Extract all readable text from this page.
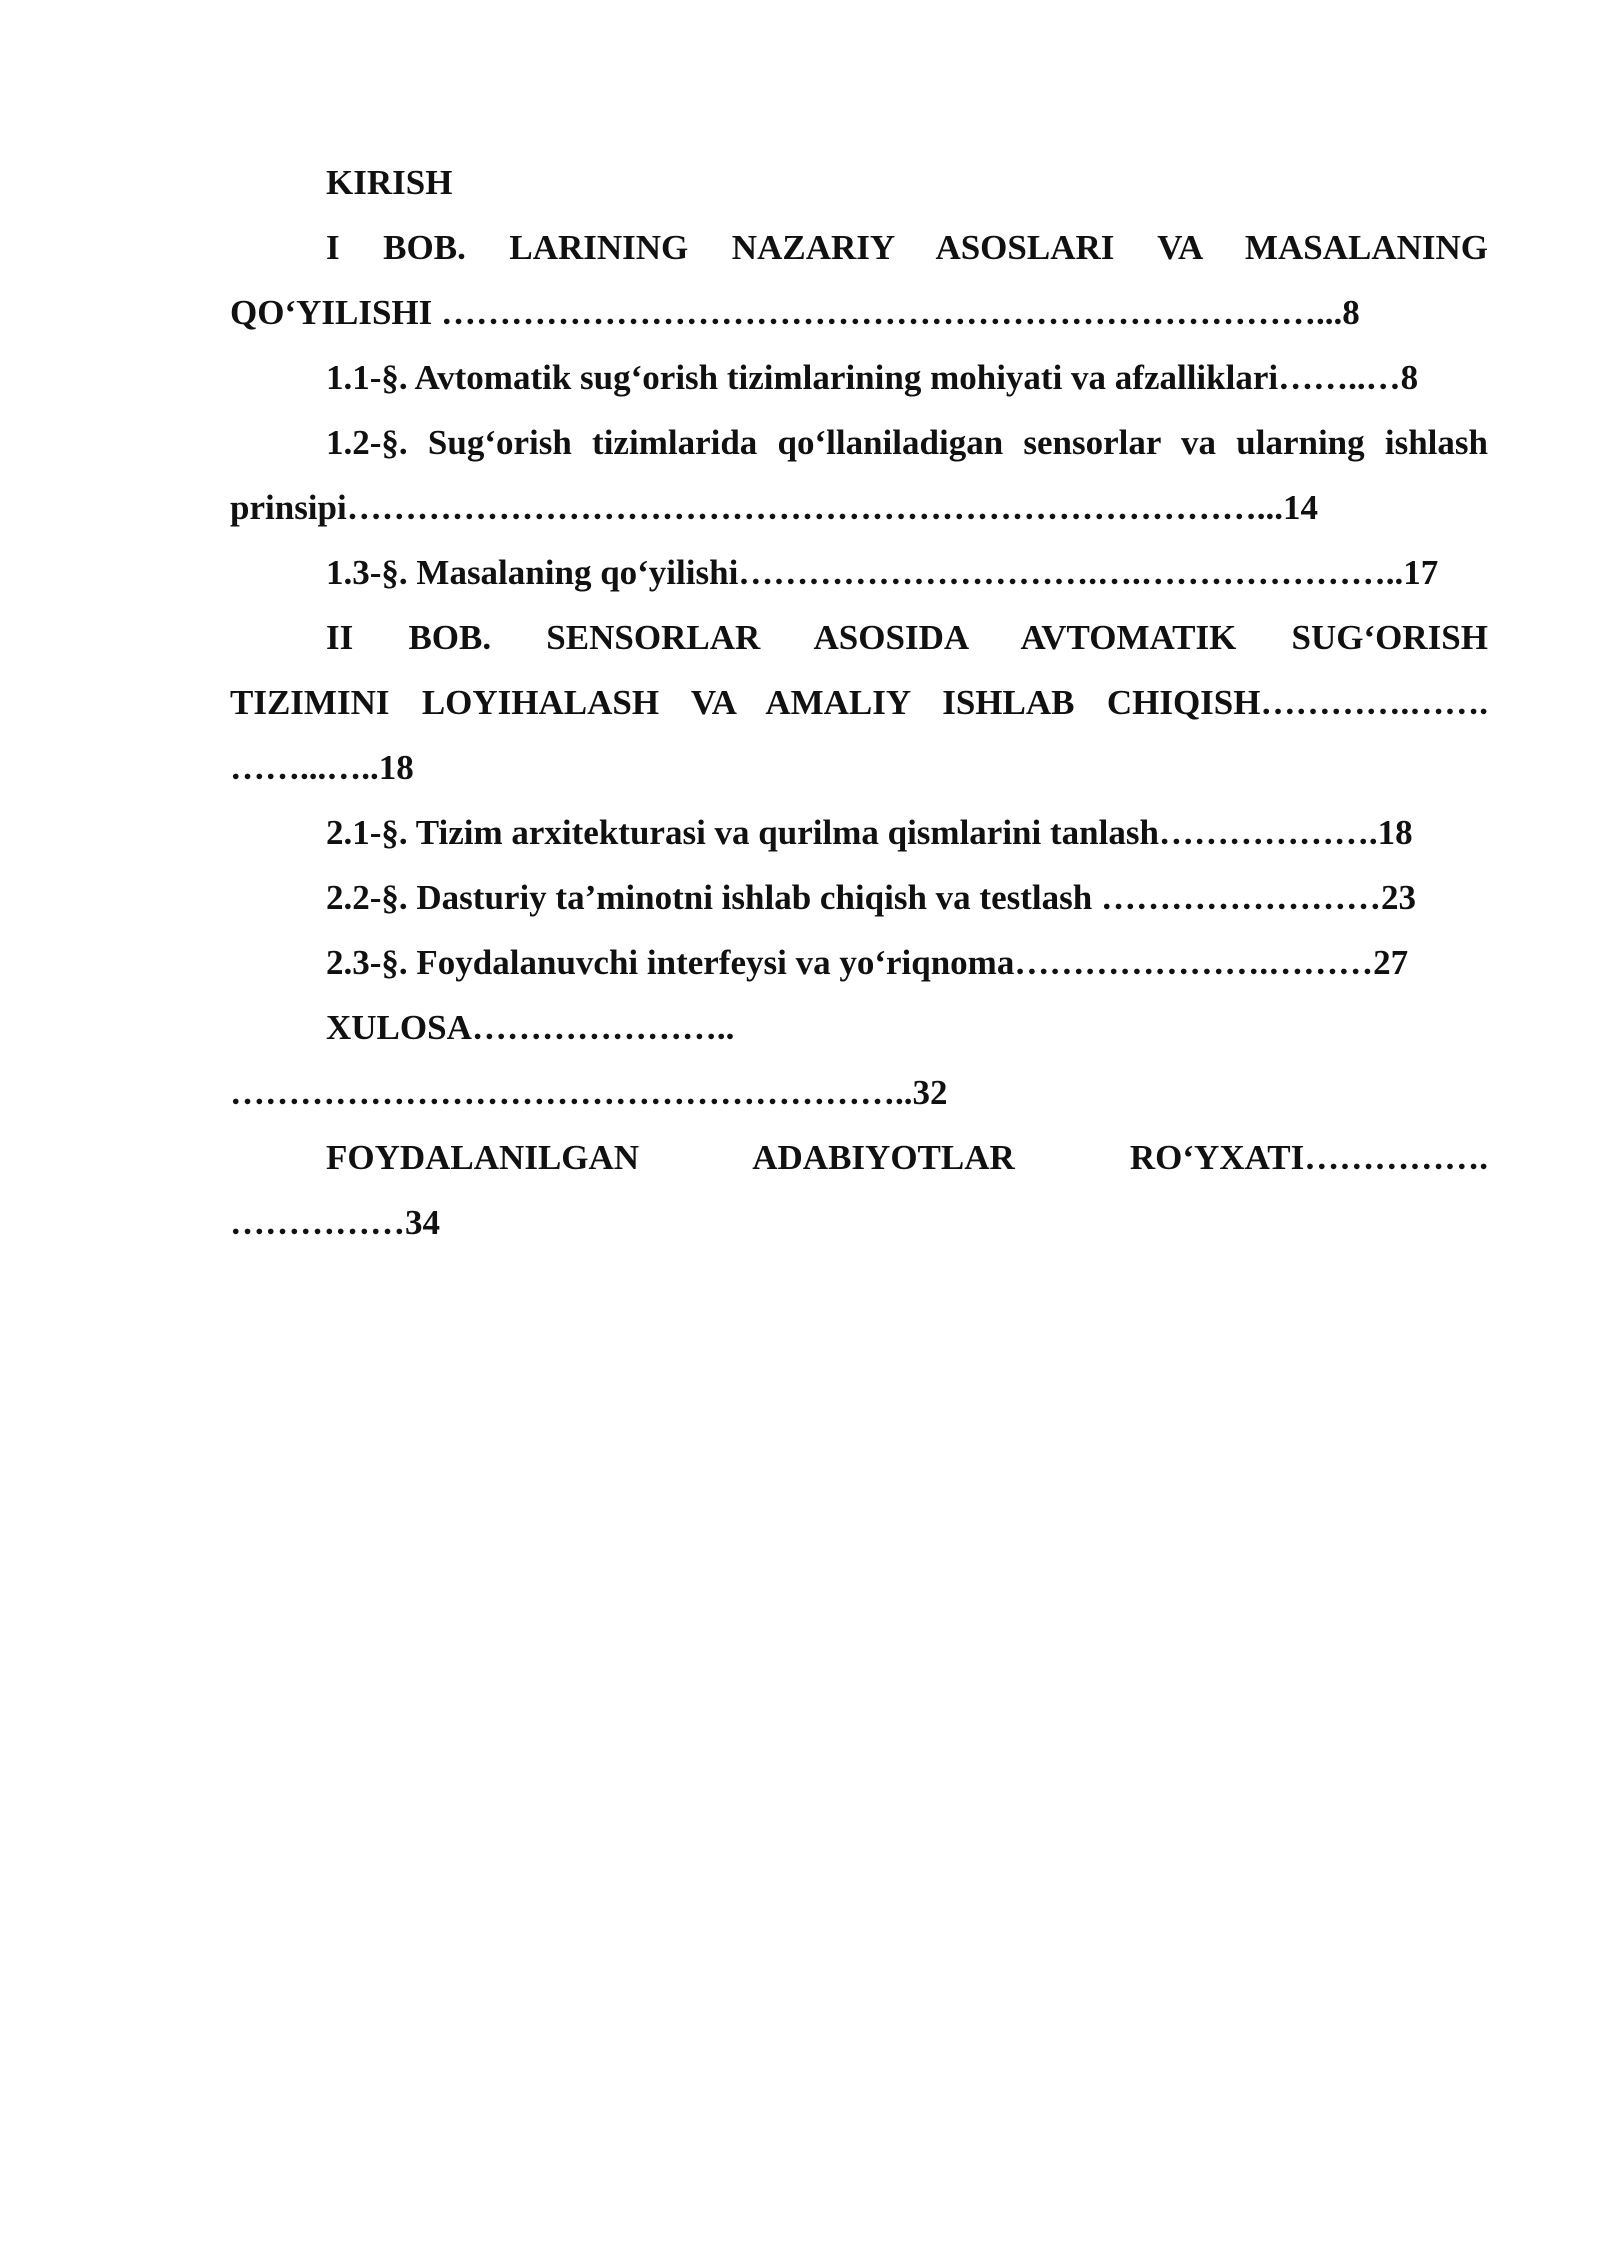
KIRISH
I BOB. LARINING NAZARIY ASOSLARI VA MASALANING
QO‘YILISHI …………………………………………………………………...8
1.1-§. Avtomatik sug‘orish tizimlarining mohiyati va afzalliklari……..…8
1.2-§. Sug‘orish tizimlarida qo‘llaniladigan sensorlar va ularning ishlash
prinsipi……………………………………………………………………...14
1.3-§. Masalaning qo‘yilishi………………………….….…………………..17
II BOB. SENSORLAR ASOSIDA AVTOMATIK SUG‘ORISH
TIZIMINI LOYIHALASH VA AMALIY ISHLAB CHIQISH………….…….
……...…..18
2.1-§. Tizim arxitekturasi va qurilma qismlarini tanlash……………….18
2.2-§. Dasturiy ta’minotni ishlab chiqish va testlash ……………………23
2.3-§. Foydalanuvchi interfeysi va yo‘riqnoma………………….………27
XULOSA…………………..
…………………………………………………..32
FOYDALANILGAN ADABIYOTLAR RO‘YXATI…………….
……………34
